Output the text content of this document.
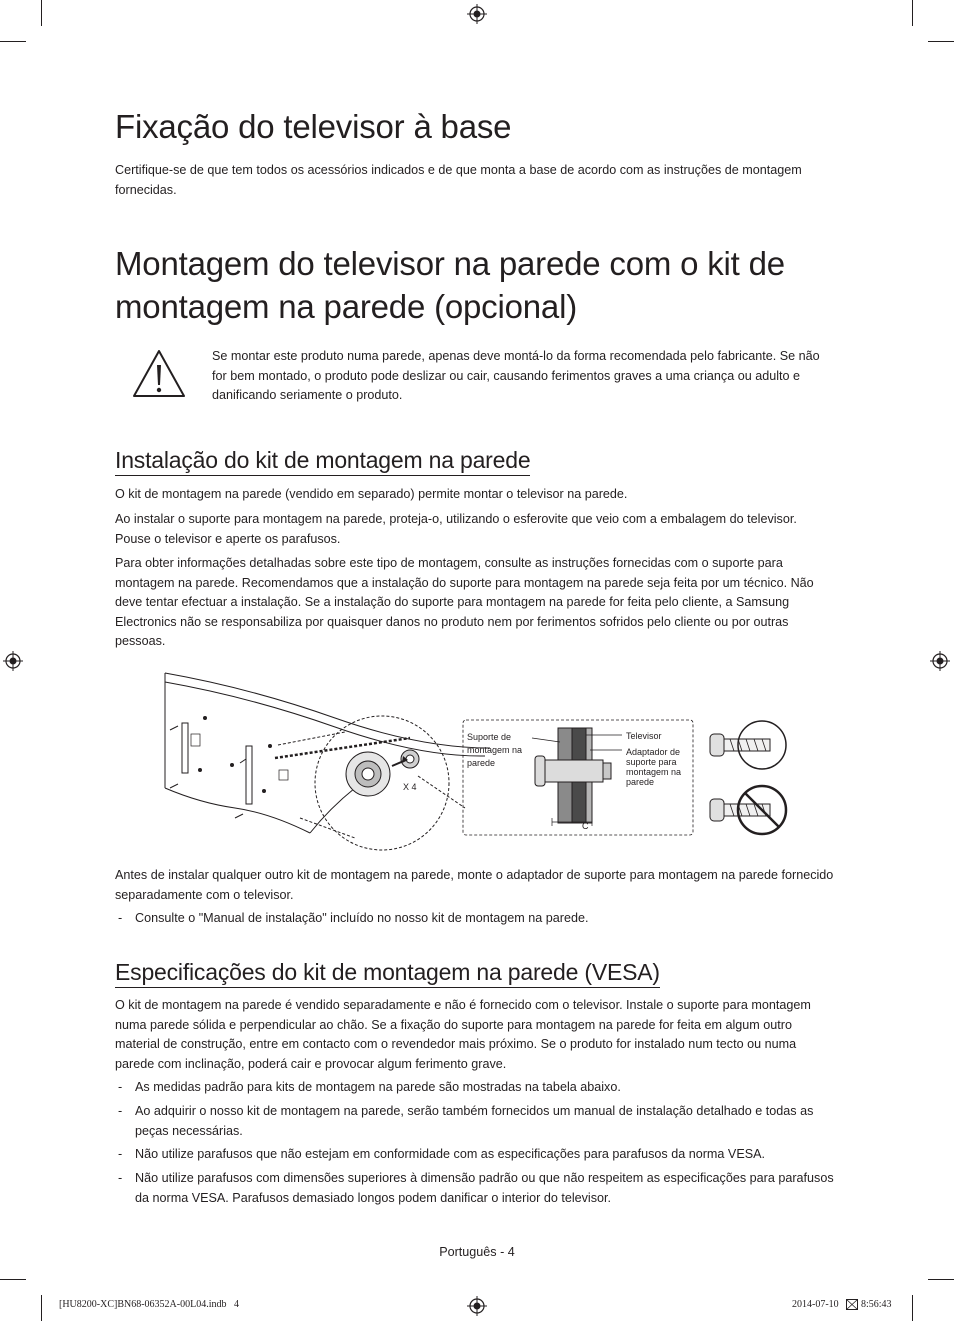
Fixação do televisor à base

Certifique-se de que tem todos os acessórios indicados e de que monta a base de acordo com as instruções de montagem fornecidas.

Montagem do televisor na parede com o kit de montagem na parede (opcional)

Se montar este produto numa parede, apenas deve montá-lo da forma recomendada pelo fabricante. Se não for bem montado, o produto pode deslizar ou cair, causando ferimentos graves a uma criança ou adulto e danificando seriamente o produto.

Instalação do kit de montagem na parede

O kit de montagem na parede (vendido em separado) permite montar o televisor na parede.

Ao instalar o suporte para montagem na parede, proteja-o, utilizando o esferovite que veio com a embalagem do televisor. Pouse o televisor e aperte os parafusos.

Para obter informações detalhadas sobre este tipo de montagem, consulte as instruções fornecidas com o suporte para montagem na parede. Recomendamos que a instalação do suporte para montagem na parede seja feita por um técnico. Não deve tentar efectuar a instalação. Se a instalação do suporte para montagem na parede for feita pelo cliente, a Samsung Electronics não se responsabiliza por quaisquer danos no produto nem por ferimentos sofridos pelo cliente ou por outras pessoas.

X 4
Suporte de
montagem na
parede
Televisor
Adaptador de
suporte para
montagem na
parede
C

Antes de instalar qualquer outro kit de montagem na parede, monte o adaptador de suporte para montagem na parede fornecido separadamente com o televisor.

-	Consulte o "Manual de instalação" incluído no nosso kit de montagem na parede.
Especificações do kit de montagem na parede (VESA)

O kit de montagem na parede é vendido separadamente e não é fornecido com o televisor. Instale o suporte para montagem numa parede sólida e perpendicular ao chão. Se a fixação do suporte para montagem na parede for feita em algum outro material de construção, entre em contacto com o revendedor mais próximo. Se o produto for instalado num tecto ou numa parede com inclinação, poderá cair e provocar algum ferimento grave.

-	As medidas padrão para kits de montagem na parede são mostradas na tabela abaixo.
-	Ao adquirir o nosso kit de montagem na parede, serão também fornecidos um manual de instalação detalhado e todas as peças necessárias.
-	Não utilize parafusos que não estejam em conformidade com as especificações para parafusos da norma VESA.
-	Não utilize parafusos com dimensões superiores à dimensão padrão ou que não respeitem as especificações para parafusos da norma VESA. Parafusos demasiado longos podem danificar o interior do televisor.
Português - 4
[HU8200-XC]BN68-06352A-00L04.indb   4	2014-07-10 8:56:43
